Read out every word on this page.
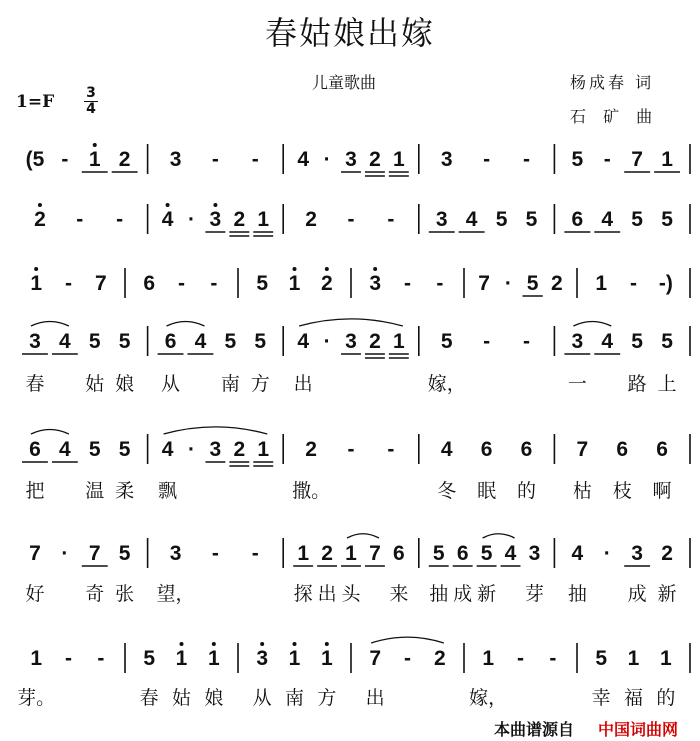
春姑娘出嫁
儿童歌曲	杨成春 词
石 矿 曲
$1=F \frac{3}{4}$
(5 - 1 2 3 - - 4 · 3 2 1 3 - - 5 - 7 1
2 - - 4 · 3 2 1 2 - - 3 4 5 5 6 4 5 5
1 - 7 6 - - 5 1 2 3 - - 7 · 5 2 1 - -)
3
春
4 5
姑
5
娘
6
从
4 5
南
5
方
4
出
· 3 2 1 5
嫁，
- - 3
一
4 5
路
5
上
6
把
4 5
温
5
柔
4
飘
· 3 2 1 2
撒。
- - 4
冬
6
眠
6
的
7
枯
6
枝
6
啊
7
好
· 7
奇
5
张
3
望，
- - 1
探
2
出
1
头
7 6
来
5
抽
6
成
5
新
4 3
芽
4
抽
· 3
成
2
新
1
芽。
- - 5
春
1
姑
1
娘
3
从
1
南
1
方
7
出
- 2 1
嫁，
- - 5
幸
1
福
1
的
本曲谱源自 中国词曲网
